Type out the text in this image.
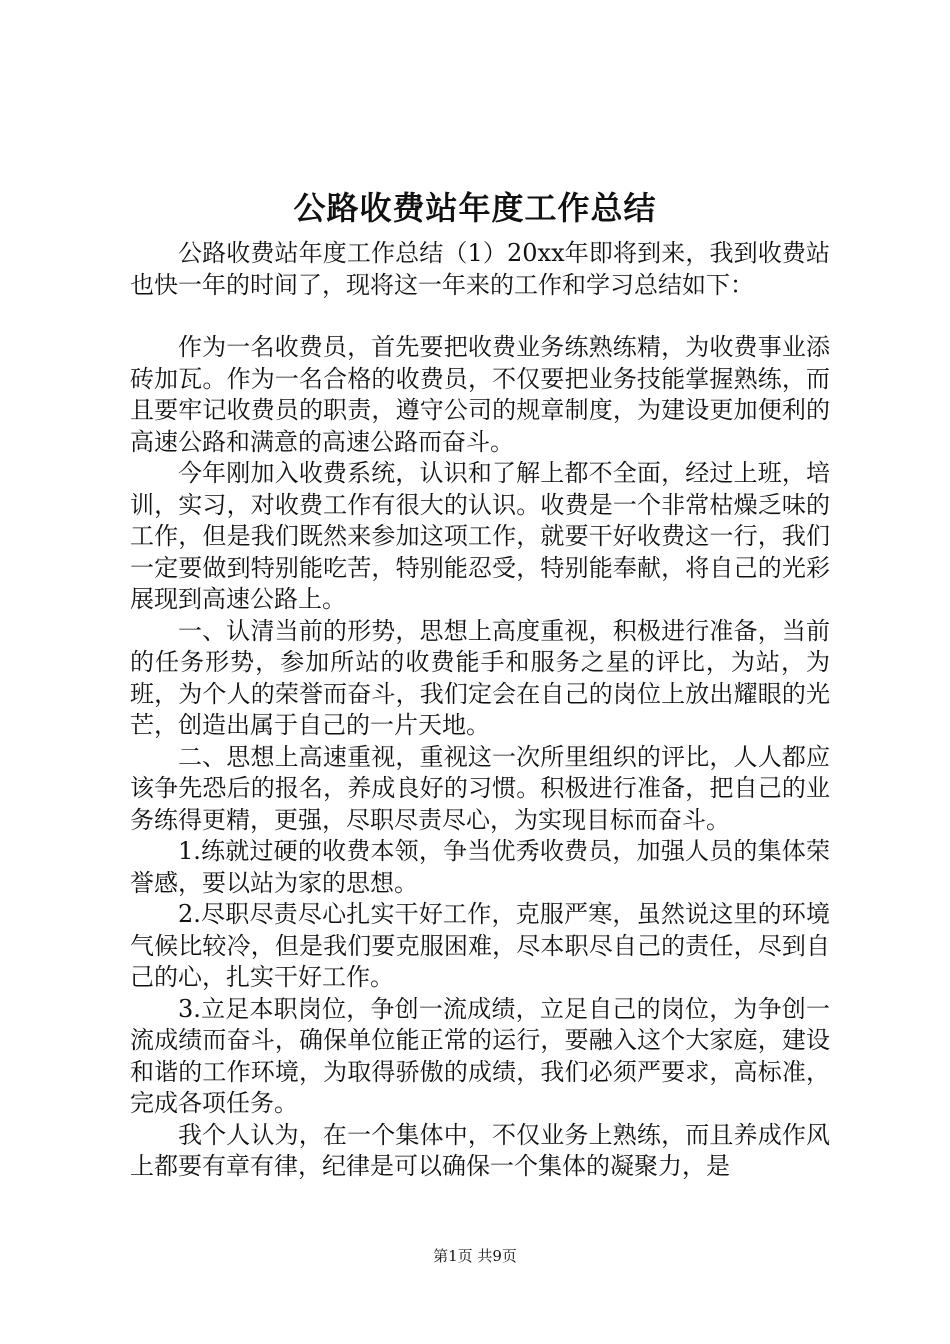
公路收费站年度工作总结

公路收费站年度工作总结（1）20xx年即将到来，我到收费站也快一年的时间了，现将这一年来的工作和学习总结如下：

作为一名收费员，首先要把收费业务练熟练精，为收费事业添砖加瓦。作为一名合格的收费员，不仅要把业务技能掌握熟练，而且要牢记收费员的职责，遵守公司的规章制度，为建设更加便利的高速公路和满意的高速公路而奋斗。

今年刚加入收费系统，认识和了解上都不全面，经过上班，培训，实习，对收费工作有很大的认识。收费是一个非常枯燥乏味的工作，但是我们既然来参加这项工作，就要干好收费这一行，我们一定要做到特别能吃苦，特别能忍受，特别能奉献，将自己的光彩展现到高速公路上。

一、认清当前的形势，思想上高度重视，积极进行准备，当前的任务形势，参加所站的收费能手和服务之星的评比，为站，为班，为个人的荣誉而奋斗，我们定会在自己的岗位上放出耀眼的光芒，创造出属于自己的一片天地。

二、思想上高速重视，重视这一次所里组织的评比，人人都应该争先恐后的报名，养成良好的习惯。积极进行准备，把自己的业务练得更精，更强，尽职尽责尽心，为实现目标而奋斗。

1.练就过硬的收费本领，争当优秀收费员，加强人员的集体荣誉感，要以站为家的思想。

2.尽职尽责尽心扎实干好工作，克服严寒，虽然说这里的环境气候比较冷，但是我们要克服困难，尽本职尽自己的责任，尽到自己的心，扎实干好工作。

3.立足本职岗位，争创一流成绩，立足自己的岗位，为争创一流成绩而奋斗，确保单位能正常的运行，要融入这个大家庭，建设和谐的工作环境，为取得骄傲的成绩，我们必须严要求，高标准，完成各项任务。

我个人认为，在一个集体中，不仅业务上熟练，而且养成作风上都要有章有律，纪律是可以确保一个集体的凝聚力，是

第1页 共9页
